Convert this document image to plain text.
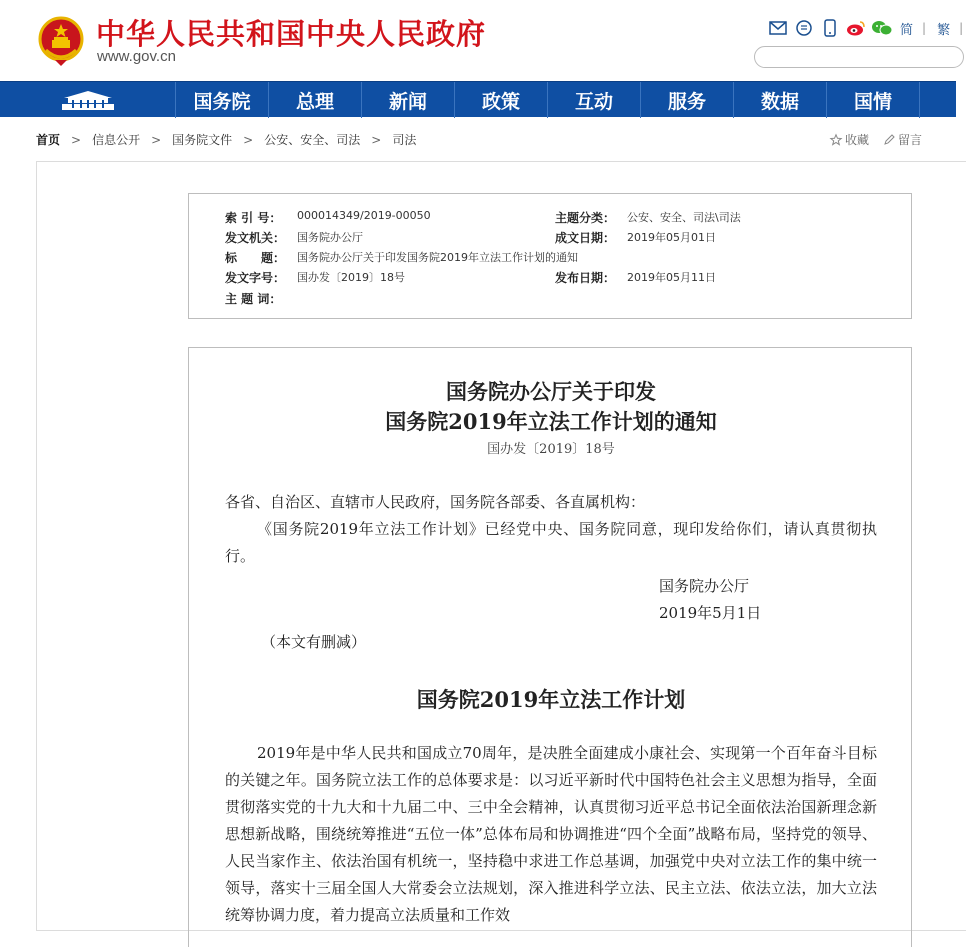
中华人民共和国中央人民政府
www.gov.cn
简 | 繁 |
国务院	总理	新闻	政策	互动	服务	数据	国情
首页 > 信息公开 > 国务院文件 > 公安、安全、司法 > 司法	收藏 留言
索 引 号：	000014349/2019-00050	主题分类：	公安、安全、司法\司法
发文机关：	国务院办公厅	成文日期：	2019年05月01日
标　　题：	国务院办公厅关于印发国务院2019年立法工作计划的通知
发文字号：	国办发〔2019〕18号	发布日期：	2019年05月11日
主 题 词：
国务院办公厅关于印发
国务院2019年立法工作计划的通知
国办发〔2019〕18号
各省、自治区、直辖市人民政府，国务院各部委、各直属机构：
《国务院2019年立法工作计划》已经党中央、国务院同意，现印发给你们，请认真贯彻执行。
国务院办公厅
2019年5月1日
（本文有删减）
国务院2019年立法工作计划
2019年是中华人民共和国成立70周年，是决胜全面建成小康社会、实现第一个百年奋斗目标的关键之年。国务院立法工作的总体要求是：以习近平新时代中国特色社会主义思想为指导，全面贯彻落实党的十九大和十九届二中、三中全会精神，认真贯彻习近平总书记全面依法治国新理念新思想新战略，围绕统筹推进“五位一体”总体布局和协调推进“四个全面”战略布局，坚持党的领导、人民当家作主、依法治国有机统一，坚持稳中求进工作总基调，加强党中央对立法工作的集中统一领导，落实十三届全国人大常委会立法规划，深入推进科学立法、民主立法、依法立法，加大立法统筹协调力度，着力提高立法质量和工作效
